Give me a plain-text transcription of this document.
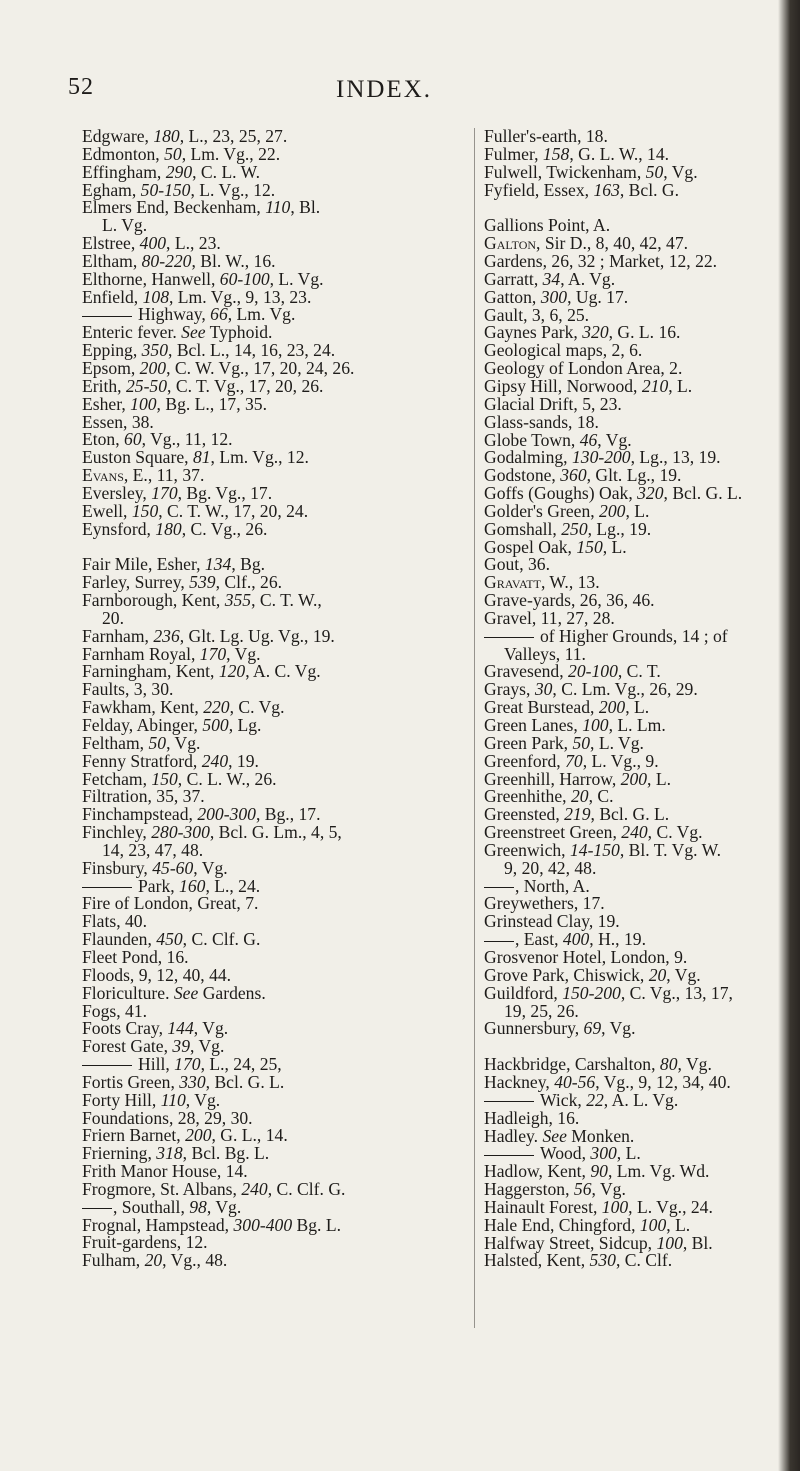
52	INDEX.
Edgware, 180, L., 23, 25, 27.
Edmonton, 50, Lm. Vg., 22.
Effingham, 290, C. L. W.
Egham, 50-150, L. Vg., 12.
Elmers End, Beckenham, 110, Bl.
L. Vg.
Elstree, 400, L., 23.
Eltham, 80-220, Bl. W., 16.
Elthorne, Hanwell, 60-100, L. Vg.
Enfield, 108, Lm. Vg., 9, 13, 23.
Highway, 66, Lm. Vg.
Enteric fever. See Typhoid.
Epping, 350, Bcl. L., 14, 16, 23, 24.
Epsom, 200, C. W. Vg., 17, 20, 24, 26.
Erith, 25-50, C. T. Vg., 17, 20, 26.
Esher, 100, Bg. L., 17, 35.
Essen, 38.
Eton, 60, Vg., 11, 12.
Euston Square, 81, Lm. Vg., 12.
Evans, E., 11, 37.
Eversley, 170, Bg. Vg., 17.
Ewell, 150, C. T. W., 17, 20, 24.
Eynsford, 180, C. Vg., 26.
Fair Mile, Esher, 134, Bg.
Farley, Surrey, 539, Clf., 26.
Farnborough, Kent, 355, C. T. W.,
20.
Farnham, 236, Glt. Lg. Ug. Vg., 19.
Farnham Royal, 170, Vg.
Farningham, Kent, 120, A. C. Vg.
Faults, 3, 30.
Fawkham, Kent, 220, C. Vg.
Felday, Abinger, 500, Lg.
Feltham, 50, Vg.
Fenny Stratford, 240, 19.
Fetcham, 150, C. L. W., 26.
Filtration, 35, 37.
Finchampstead, 200-300, Bg., 17.
Finchley, 280-300, Bcl. G. Lm., 4, 5,
14, 23, 47, 48.
Finsbury, 45-60, Vg.
Park, 160, L., 24.
Fire of London, Great, 7.
Flats, 40.
Flaunden, 450, C. Clf. G.
Fleet Pond, 16.
Floods, 9, 12, 40, 44.
Floriculture. See Gardens.
Fogs, 41.
Foots Cray, 144, Vg.
Forest Gate, 39, Vg.
Hill, 170, L., 24, 25,
Fortis Green, 330, Bcl. G. L.
Forty Hill, 110, Vg.
Foundations, 28, 29, 30.
Friern Barnet, 200, G. L., 14.
Friernіng, 318, Bcl. Bg. L.
Frith Manor House, 14.
Frogmore, St. Albans, 240, C. Clf. G.
, Southall, 98, Vg.
Frognal, Hampstead, 300-400 Bg. L.
Fruit-gardens, 12.
Fulham, 20, Vg., 48.
Fuller's-earth, 18.
Fulmer, 158, G. L. W., 14.
Fulwell, Twickenham, 50, Vg.
Fyfield, Essex, 163, Bcl. G.
Gallions Point, A.
Galton, Sir D., 8, 40, 42, 47.
Gardens, 26, 32 ; Market, 12, 22.
Garratt, 34, A. Vg.
Gatton, 300, Ug. 17.
Gault, 3, 6, 25.
Gaynes Park, 320, G. L. 16.
Geological maps, 2, 6.
Geology of London Area, 2.
Gipsy Hill, Norwood, 210, L.
Glacial Drift, 5, 23.
Glass-sands, 18.
Globe Town, 46, Vg.
Godalming, 130-200, Lg., 13, 19.
Godstone, 360, Glt. Lg., 19.
Goffs (Goughs) Oak, 320, Bcl. G. L.
Golder's Green, 200, L.
Gomshall, 250, Lg., 19.
Gospel Oak, 150, L.
Gout, 36.
Gravatt, W., 13.
Grave-yards, 26, 36, 46.
Gravel, 11, 27, 28.
of Higher Grounds, 14 ; of
Valleys, 11.
Gravesend, 20-100, C. T.
Grays, 30, C. Lm. Vg., 26, 29.
Great Burstead, 200, L.
Green Lanes, 100, L. Lm.
Green Park, 50, L. Vg.
Greenford, 70, L. Vg., 9.
Greenhill, Harrow, 200, L.
Greenhithe, 20, C.
Greensted, 219, Bcl. G. L.
Greenstreet Green, 240, C. Vg.
Greenwich, 14-150, Bl. T. Vg. W.
9, 20, 42, 48.
, North, A.
Greywethers, 17.
Grinstead Clay, 19.
, East, 400, H., 19.
Grosvenor Hotel, London, 9.
Grove Park, Chiswick, 20, Vg.
Guildford, 150-200, C. Vg., 13, 17,
19, 25, 26.
Gunnersbury, 69, Vg.
Hackbridge, Carshalton, 80, Vg.
Hackney, 40-56, Vg., 9, 12, 34, 40.
Wick, 22, A. L. Vg.
Hadleigh, 16.
Hadley. See Monken.
Wood, 300, L.
Hadlow, Kent, 90, Lm. Vg. Wd.
Haggerston, 56, Vg.
Hainault Forest, 100, L. Vg., 24.
Hale End, Chingford, 100, L.
Halfway Street, Sidcup, 100, Bl.
Halsted, Kent, 530, C. Clf.
